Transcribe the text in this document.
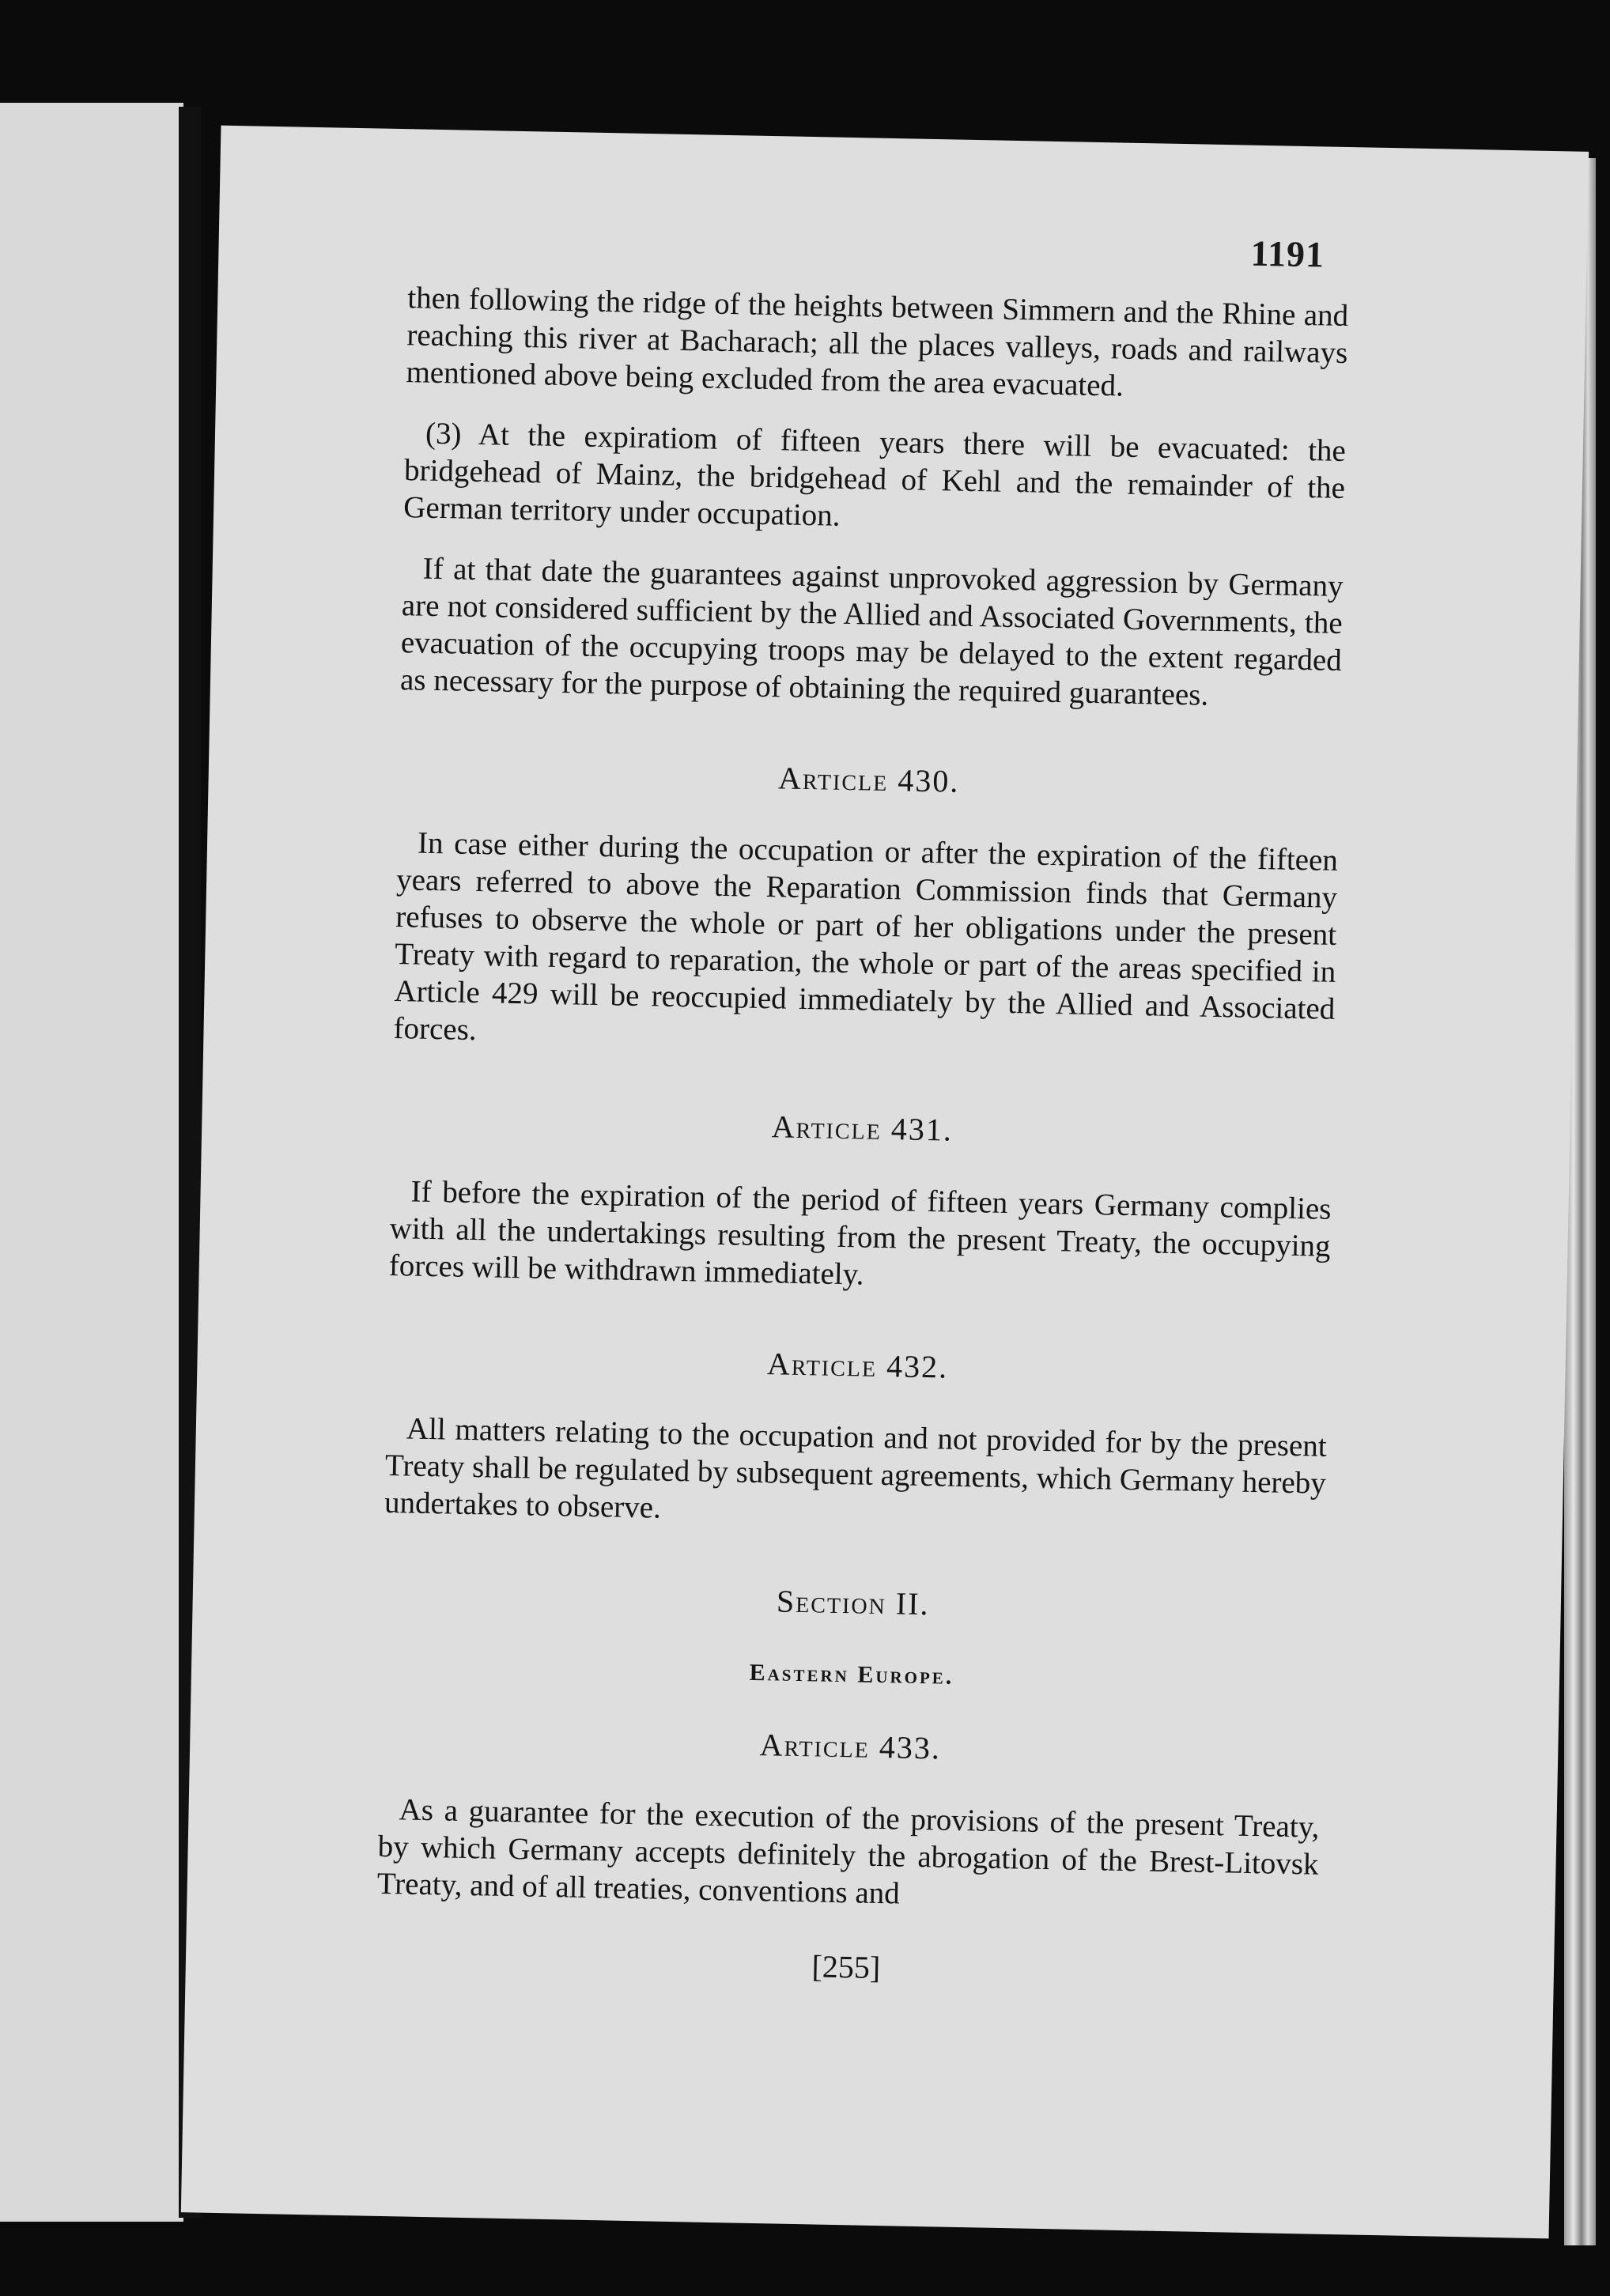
1191

then following the ridge of the heights between Simmern and the Rhine and reaching this river at Bacharach; all the places valleys, roads and railways mentioned above being excluded from the area evacuated.

(3) At the expiratiom of fifteen years there will be evacuated: the bridgehead of Mainz, the bridgehead of Kehl and the remainder of the German territory under occupation.

If at that date the guarantees against unprovoked aggression by Germany are not considered sufficient by the Allied and Associated Governments, the evacuation of the occupying troops may be delayed to the extent regarded as necessary for the purpose of obtaining the required guarantees.

Article 430.

In case either during the occupation or after the expiration of the fifteen years referred to above the Reparation Commission finds that Germany refuses to observe the whole or part of her obligations under the present Treaty with regard to reparation, the whole or part of the areas specified in Article 429 will be reoccupied immediately by the Allied and Associated forces.

Article 431.

If before the expiration of the period of fifteen years Germany complies with all the undertakings resulting from the present Treaty, the occupying forces will be withdrawn immediately.

Article 432.

All matters relating to the occupation and not provided for by the present Treaty shall be regulated by subsequent agreements, which Germany hereby undertakes to observe.

Section II.

Eastern Europe.

Article 433.

As a guarantee for the execution of the provisions of the present Treaty, by which Germany accepts definitely the abrogation of the Brest-Litovsk Treaty, and of all treaties, conventions and

[255]
